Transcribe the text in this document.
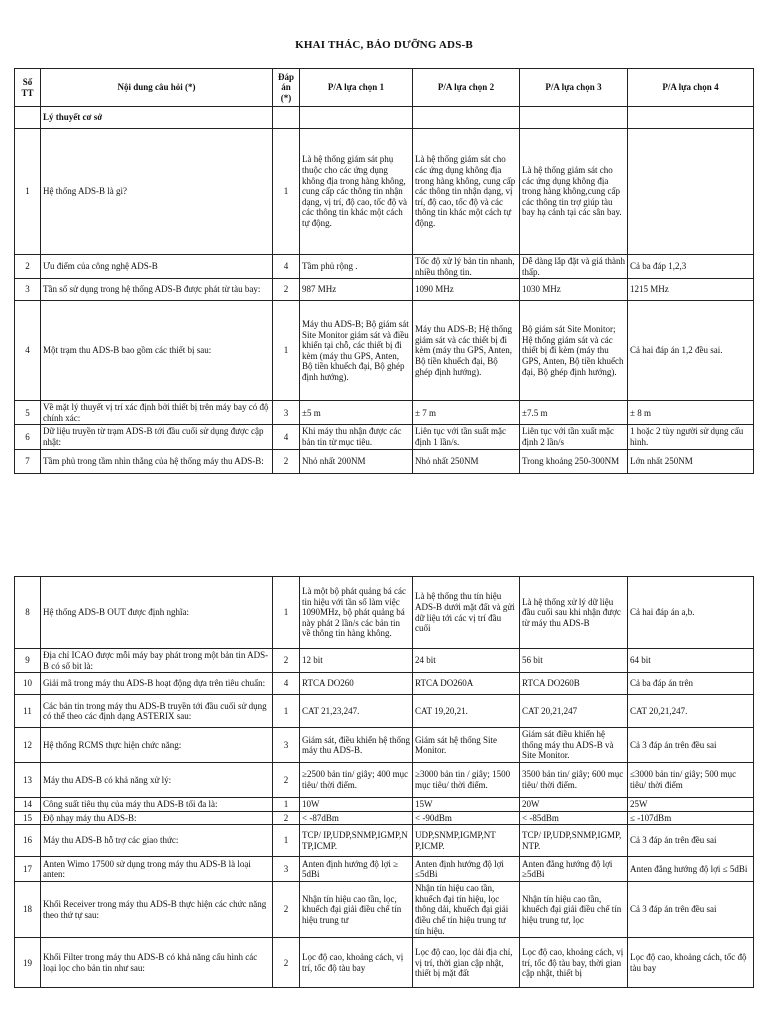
KHAI THÁC, BẢO DƯỠNG ADS-B
Số TT	Nội dung câu hỏi (*)	Đáp án (*)	P/A lựa chọn 1	P/A lựa chọn 2	P/A lựa chọn 3	P/A lựa chọn 4
	Lý thuyết cơ sở					
1	Hệ thống ADS-B là gì?	1	Là hệ thống giám sát phụ thuộc cho các ứng dụng không địa trong hàng không, cung cấp các thông tin nhận dạng, vị trí, độ cao, tốc độ và các thông tin khác một cách tự động.	Là hệ thống giám sát cho các ứng dụng không địa trong hàng không, cung cấp các thông tin nhận dạng, vị trí, độ cao, tốc độ và các thông tin khác một cách tự động.	Là hệ thống giám sát cho các ứng dụng không địa trong hàng không,cung cấp các thông tin trợ giúp tàu bay hạ cánh tại các sân bay.	
2	Ưu điểm của công nghệ ADS-B	4	Tầm phủ rộng .	Tốc độ xử lý bản tin nhanh, nhiều thông tin.	Dễ dàng lắp đặt và giá thành thấp.	Cả ba đáp 1,2,3
3	Tần số sử dụng trong hệ thống ADS-B được phát từ tàu bay:	2	987 MHz	1090 MHz	1030 MHz	1215 MHz
4	Một trạm thu ADS-B bao gồm các thiết bị sau:	1	Máy thu ADS-B; Bộ giám sát Site Monitor giám sát và điều khiển tại chỗ, các thiết bị đi kèm (máy thu GPS, Anten, Bộ tiền khuếch đại, Bộ ghép định hướng).	Máy thu ADS-B; Hệ thống giám sát và các thiết bị đi kèm (máy thu GPS, Anten, Bộ tiền khuếch đại, Bộ ghép định hướng).	Bộ giám sát Site Monitor; Hệ thống giám sát và các thiết bị đi kèm (máy thu GPS, Anten, Bộ tiền khuếch đại, Bộ ghép định hướng).	Cả hai đáp án 1,2 đều sai.
5	Về mặt lý thuyết vị trí xác định bởi thiết bị trên máy bay có độ chính xác:	3	±5 m	± 7 m	±7.5 m	± 8 m
6	Dữ liệu truyền từ trạm ADS-B tới đầu cuối sử dụng được cập nhật:	4	Khi máy thu nhận được các bản tin từ mục tiêu.	Liên tục với tần suất mặc định 1 lần/s.	Liên tục với tần xuất mặc định 2 lần/s	1 hoặc 2 tùy người sử dụng cấu hình.
7	Tầm phủ trong tầm nhìn thẳng của hệ thống máy thu ADS-B:	2	Nhỏ nhất 200NM	Nhỏ nhất 250NM	Trong khoảng 250-300NM	Lớn nhất 250NM
8	Hệ thống ADS-B OUT được định nghĩa:	1	Là một bộ phát quảng bá các tin hiệu với tần số làm việc 1090MHz, bộ phát quảng bá này phát 2 lần/s các bản tin về thông tin hàng không.	Là hệ thống thu tín hiệu ADS-B dưới mặt đất và gửi dữ liệu tới các vị trí đầu cuối	Là hệ thống xử lý dữ liệu đầu cuối sau khi nhận được từ máy thu ADS-B	Cả hai đáp án a,b.
9	Địa chỉ ICAO được mỗi máy bay phát trong một bản tin ADS-B có số bit là:	2	12 bit	24 bit	56 bit	64 bit
10	Giải mã trong máy thu ADS-B hoạt động dựa trên tiêu chuẩn:	4	RTCA DO260	RTCA DO260A	RTCA DO260B	Cả ba đáp án trên
11	Các bản tin trong máy thu ADS-B truyền tới đầu cuối sử dụng có thể theo các định dạng ASTERIX sau:	1	CAT 21,23,247.	CAT 19,20,21.	CAT 20,21,247	CAT 20,21,247.
12	Hệ thống RCMS thực hiện chức năng:	3	Giám sát, điều khiển hệ thống máy thu ADS-B.	Giám sát hệ thống Site Monitor.	Giám sát điều khiển hệ thống máy thu ADS-B và Site Monitor.	Cả 3 đáp án trên đều sai
13	Máy thu ADS-B có khả năng xử lý:	2	≥2500 bản tin/ giây; 400 mục tiêu/ thời điểm.	≥3000 bản tin / giây; 1500 mục tiêu/ thời điểm.	3500 bản tin/ giây; 600 mục tiêu/ thời điểm.	≤3000 bản tin/ giây; 500 mục tiêu/ thời điểm
14	Công suất tiêu thụ của máy thu ADS-B tối đa là:	1	10W	15W	20W	25W
15	Độ nhạy máy thu ADS-B:	2	< -87dBm	< -90dBm	< -85dBm	≤ -107dBm
16	Máy thu ADS-B hỗ trợ các giao thức:	1	TCP/ IP,UDP,SNMP,IGMP,N TP,ICMP.	UDP,SNMP,IGMP,NT P,ICMP.	TCP/ IP,UDP,SNMP,IGMP, NTP.	Cả 3 đáp án trên đều sai
17	Anten Wimo 17500 sử dụng trong máy thu ADS-B là loại anten:	3	Anten định hướng độ lợi ≥ 5dBi	Anten định hướng độ lợi ≤5dBi	Anten đẳng hướng độ lợi ≥5dBi	Anten đẳng hướng độ lợi ≤ 5dBi
18	Khối Receiver trong máy thu ADS-B thực hiện các chức năng theo thứ tự sau:	2	Nhận tín hiệu cao tần, lọc, khuếch đại giải điều chế tín hiệu trung tư	Nhận tín hiệu cao tần, khuếch đại tín hiệu, lọc thông dải, khuếch đại giải điều chế tín hiệu trung tư tín hiệu.	Nhận tín hiệu cao tần, khuếch đại giải điều chế tín hiệu trung tư, lọc	Cả 3 đáp án trên đều sai
19	Khối Filter trong máy thu ADS-B có khả năng cấu hình các loại lọc cho bản tin như sau:	2	Lọc độ cao, khoảng cách, vị trí, tốc độ tàu bay	Lọc độ cao, lọc dải địa chỉ, vị trí, thời gian cập nhật, thiết bị mặt đất	Lọc độ cao, khoảng cách, vị trí, tốc độ tàu bay, thời gian cập nhật, thiết bị	Lọc độ cao, khoảng cách, tốc độ tàu bay
